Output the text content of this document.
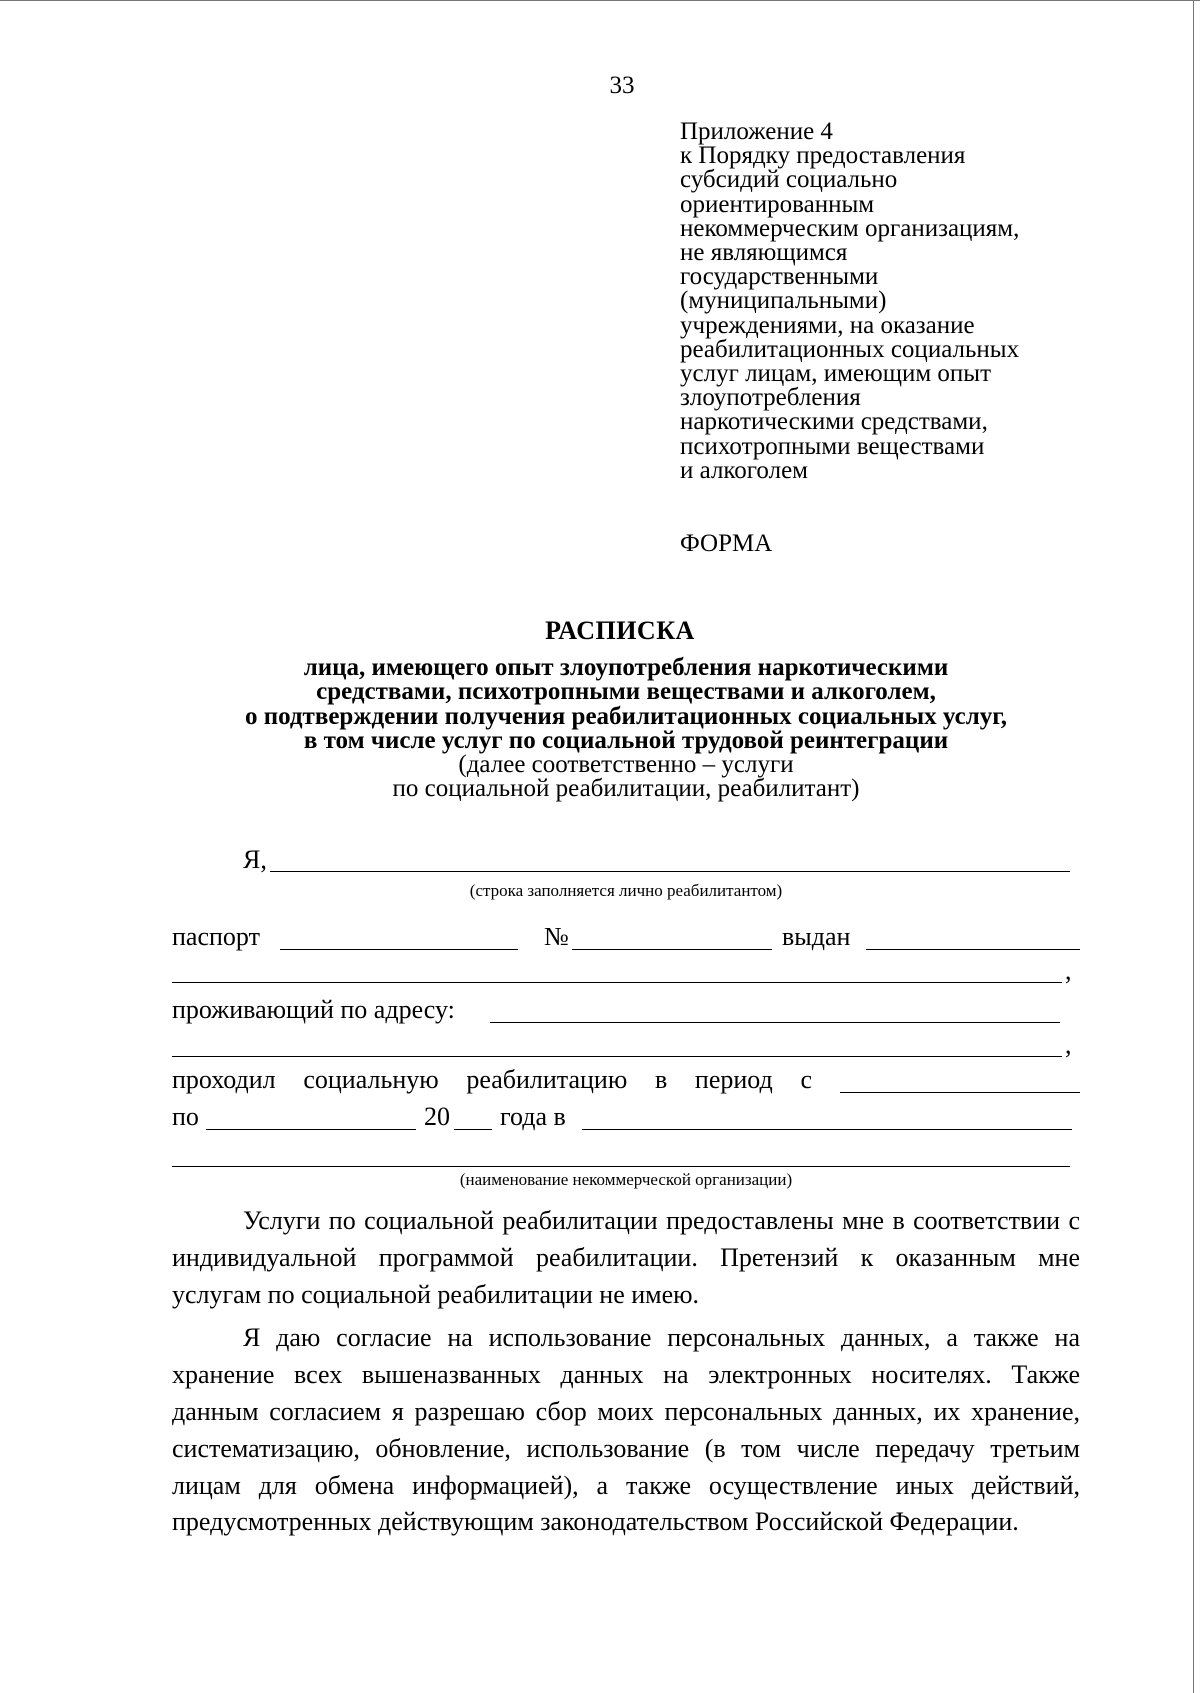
33
Приложение 4
к Порядку предоставления
субсидий социально
ориентированным
некоммерческим организациям,
не являющимся
государственными
(муниципальными)
учреждениями, на оказание
реабилитационных социальных
услуг лицам, имеющим опыт
злоупотребления
наркотическими средствами,
психотропными веществами
и алкоголем
ФОРМА
РАСПИСКА
лица, имеющего опыт злоупотребления наркотическими
средствами, психотропными веществами и алкоголем,
о подтверждении получения реабилитационных социальных услуг,
в том числе услуг по социальной трудовой реинтеграции
(далее соответственно – услуги
по социальной реабилитации, реабилитант)
Я,
(строка заполняется лично реабилитантом)
паспорт	№	выдан
,
проживающий по адресу:
,
проходил социальную реабилитацию в период с
по	20 года в
(наименование некоммерческой организации)

Услуги по социальной реабилитации предоставлены мне в соответствии с индивидуальной программой реабилитации. Претензий к оказанным мне услугам по социальной реабилитации не имею.

Я даю согласие на использование персональных данных, а также на хранение всех вышеназванных данных на электронных носителях. Также данным согласием я разрешаю сбор моих персональных данных, их хранение, систематизацию, обновление, использование (в том числе передачу третьим лицам для обмена информацией), а также осуществление иных действий, предусмотренных действующим законодательством Российской Федерации.
